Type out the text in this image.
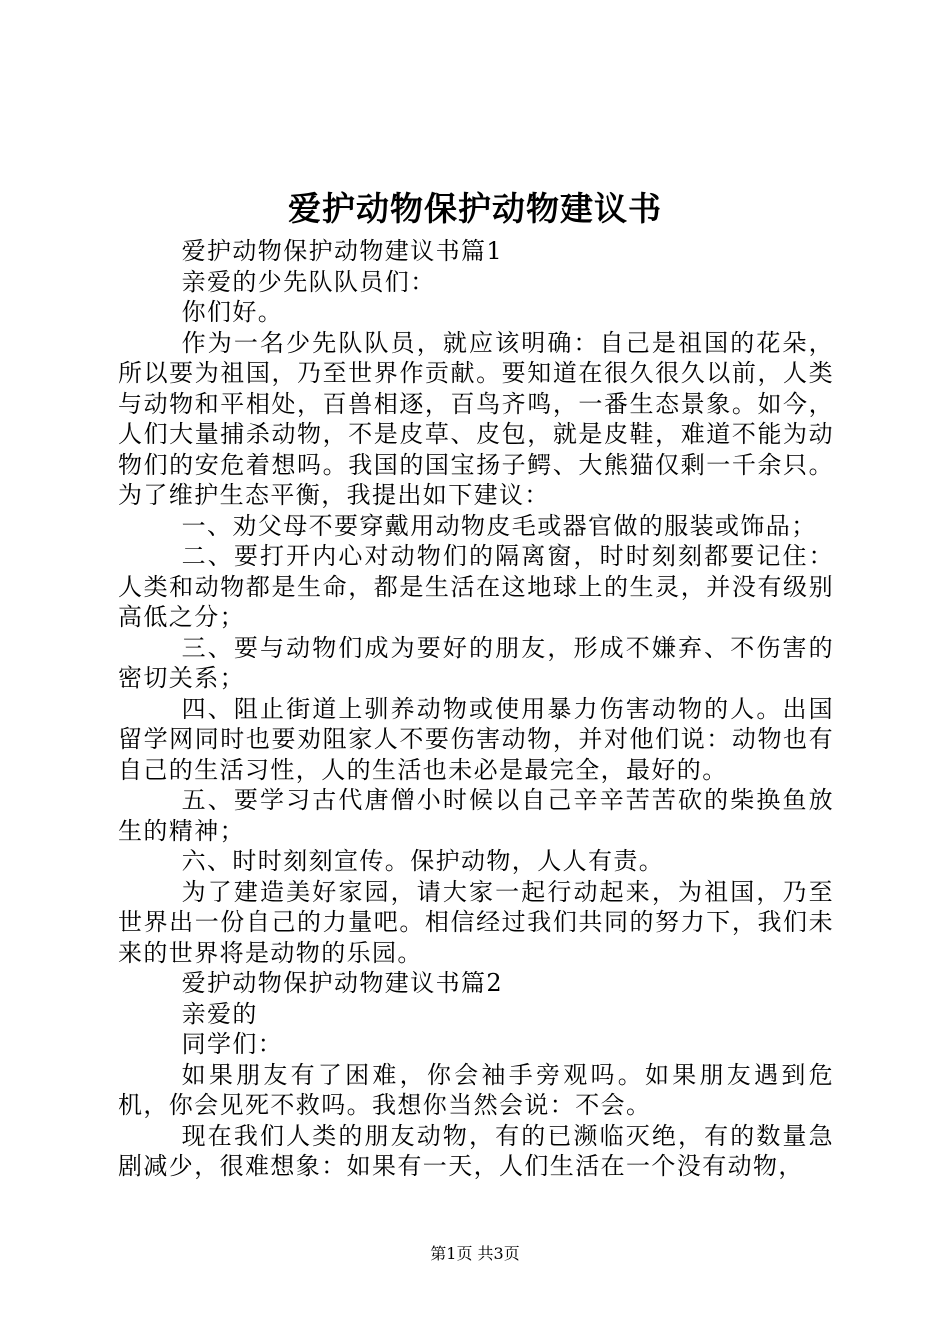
爱护动物保护动物建议书

爱护动物保护动物建议书篇1

亲爱的少先队队员们：

你们好。

作为一名少先队队员，就应该明确：自己是祖国的花朵，所以要为祖国，乃至世界作贡献。要知道在很久很久以前，人类与动物和平相处，百兽相逐，百鸟齐鸣，一番生态景象。如今，人们大量捕杀动物，不是皮草、皮包，就是皮鞋，难道不能为动物们的安危着想吗。我国的国宝扬子鳄、大熊猫仅剩一千余只。为了维护生态平衡，我提出如下建议：

一、劝父母不要穿戴用动物皮毛或器官做的服装或饰品；

二、要打开内心对动物们的隔离窗，时时刻刻都要记住：人类和动物都是生命，都是生活在这地球上的生灵，并没有级别高低之分；

三、要与动物们成为要好的朋友，形成不嫌弃、不伤害的密切关系；

四、阻止街道上驯养动物或使用暴力伤害动物的人。出国留学网同时也要劝阻家人不要伤害动物，并对他们说：动物也有自己的生活习性，人的生活也未必是最完全，最好的。

五、要学习古代唐僧小时候以自己辛辛苦苦砍的柴换鱼放生的精神；

六、时时刻刻宣传。保护动物，人人有责。

为了建造美好家园，请大家一起行动起来，为祖国，乃至世界出一份自己的力量吧。相信经过我们共同的努力下，我们未来的世界将是动物的乐园。

爱护动物保护动物建议书篇2

亲爱的

同学们：

如果朋友有了困难，你会袖手旁观吗。如果朋友遇到危机，你会见死不救吗。我想你当然会说：不会。

现在我们人类的朋友动物，有的已濒临灭绝，有的数量急剧减少，很难想象：如果有一天，人们生活在一个没有动物，

第1页 共3页
